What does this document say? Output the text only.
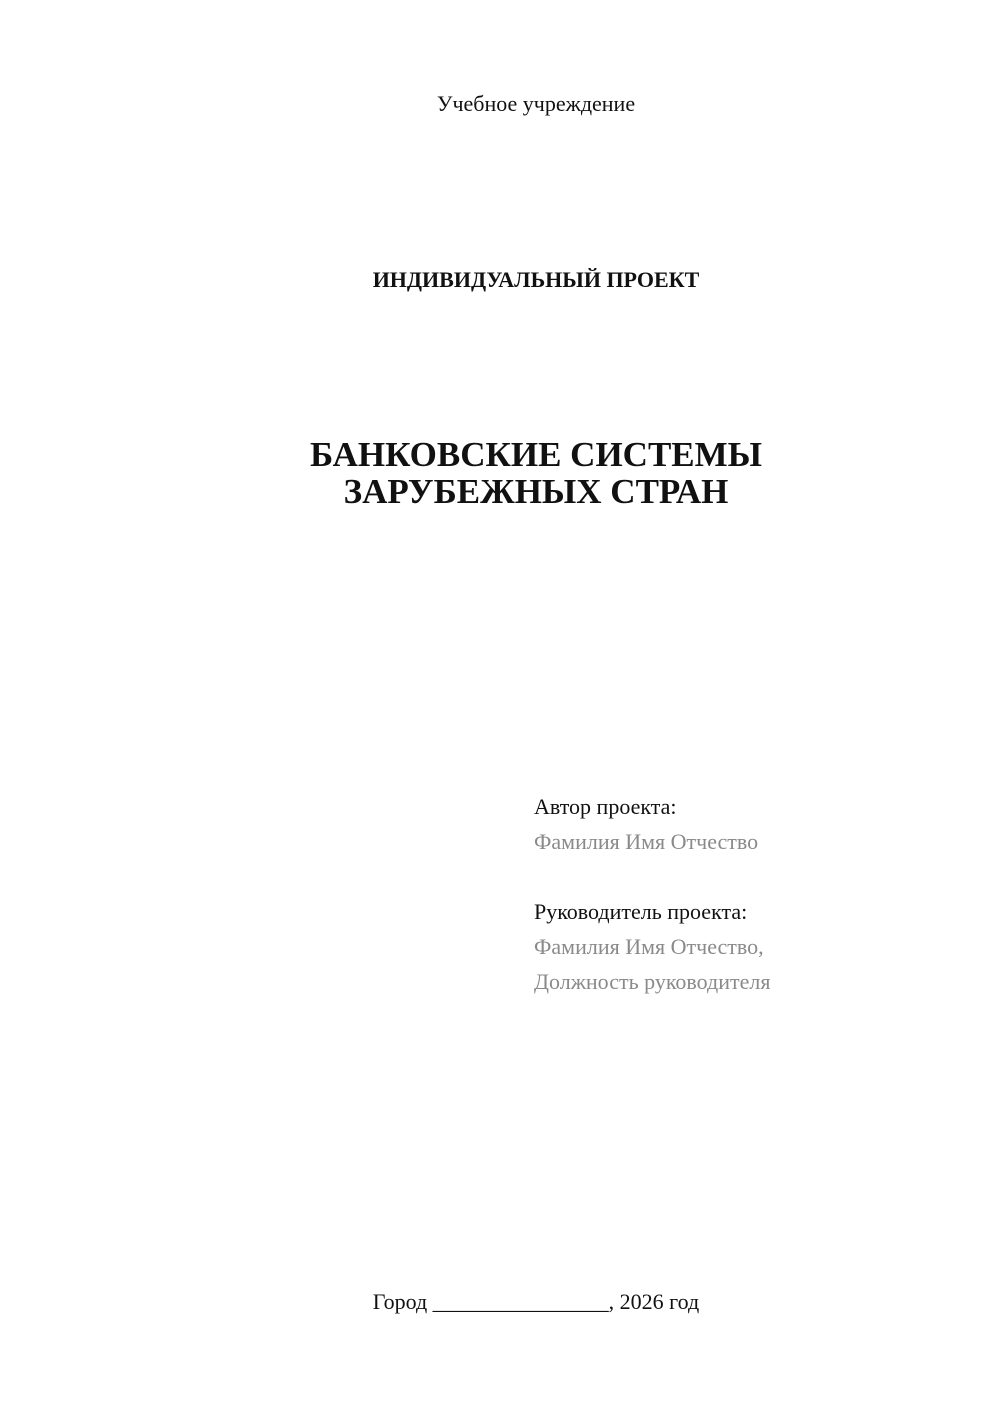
Учебное учреждение
ИНДИВИДУАЛЬНЫЙ ПРОЕКТ
БАНКОВСКИЕ СИСТЕМЫ
ЗАРУБЕЖНЫХ СТРАН
Автор проекта:
Фамилия Имя Отчество
Руководитель проекта:
Фамилия Имя Отчество,
Должность руководителя
Город ________________, 2026 год
